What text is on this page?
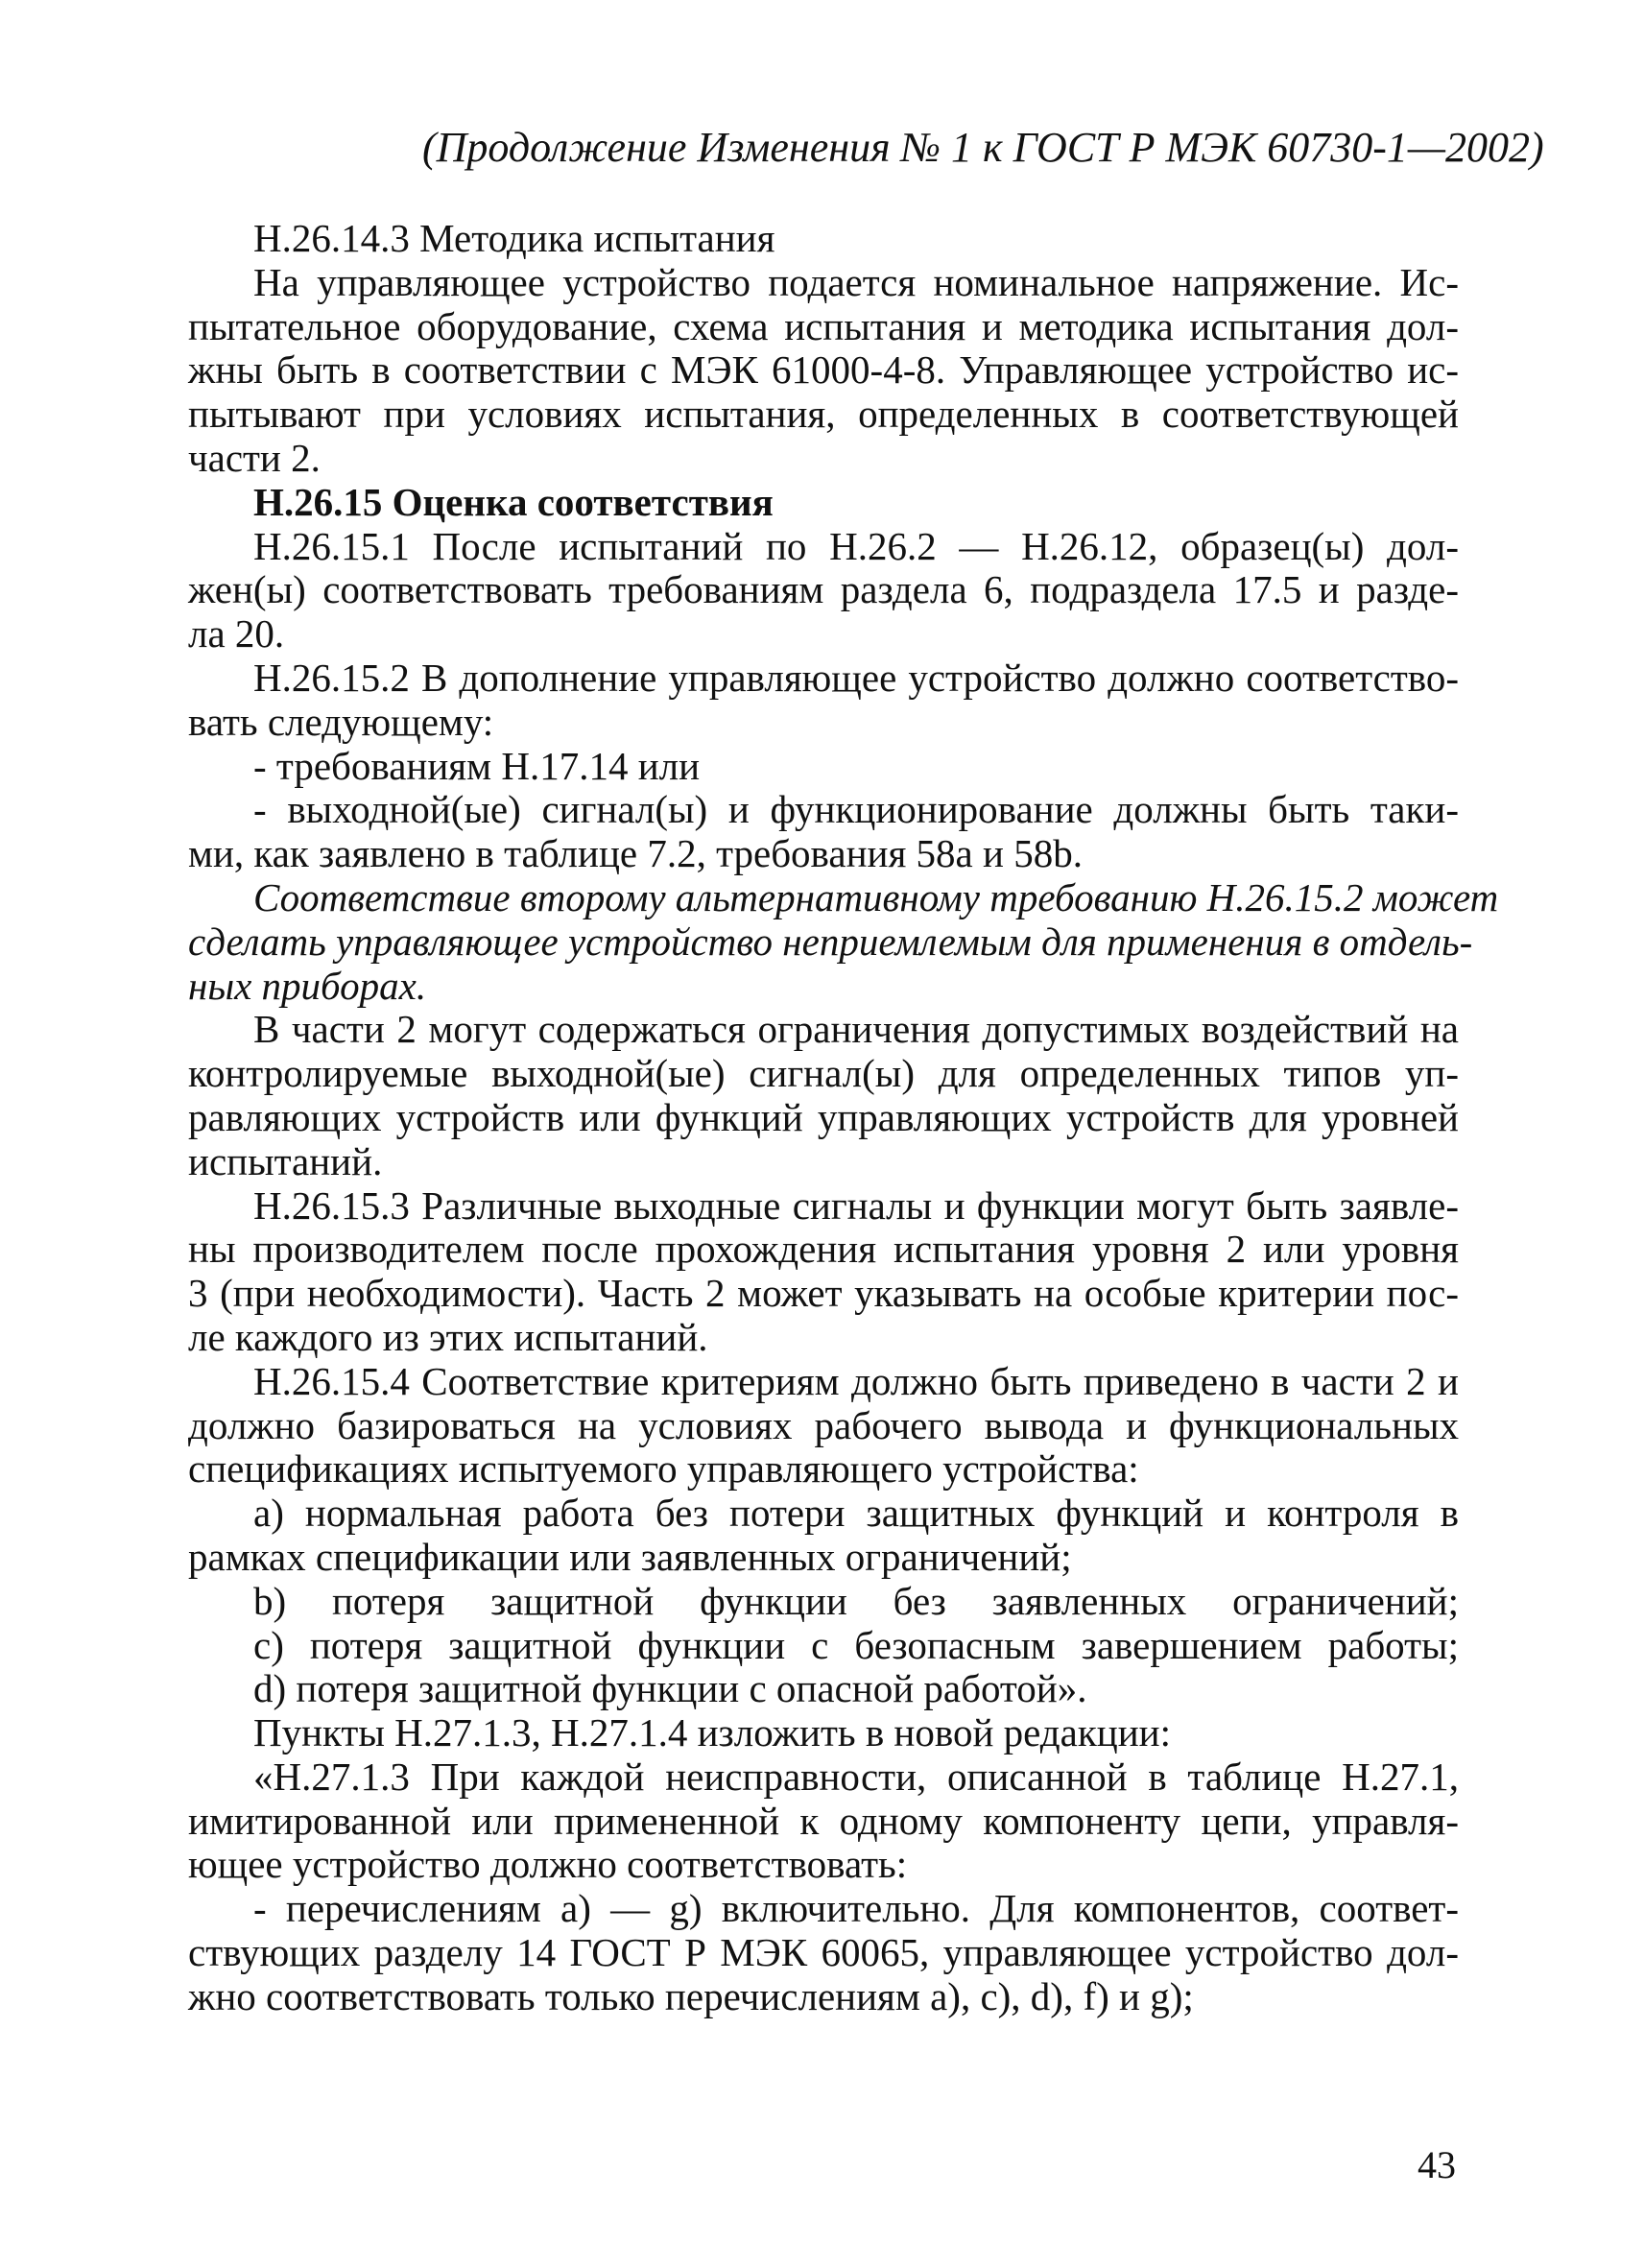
(Продолжение Изменения № 1 к ГОСТ Р МЭК 60730-1—2002)
Н.26.14.3 Методика испытания
На управляющее устройство подается номинальное напряжение. Ис-
пытательное оборудование, схема испытания и методика испытания дол-
жны быть в соответствии с МЭК 61000-4-8. Управляющее устройство ис-
пытывают при условиях испытания, определенных в соответствующей
части 2.
Н.26.15 Оценка соответствия
Н.26.15.1 После испытаний по Н.26.2 — Н.26.12, образец(ы) дол-
жен(ы) соответствовать требованиям раздела 6, подраздела 17.5 и разде-
ла 20.
Н.26.15.2 В дополнение управляющее устройство должно соответство-
вать следующему:
- требованиям Н.17.14 или
- выходной(ые) сигнал(ы) и функционирование должны быть таки-
ми, как заявлено в таблице 7.2, требования 58а и 58b.
Соответствие второму альтернативному требованию Н.26.15.2 может
сделать управляющее устройство неприемлемым для применения в отдель-
ных приборах.
В части 2 могут содержаться ограничения допустимых воздействий на
контролируемые выходной(ые) сигнал(ы) для определенных типов уп-
равляющих устройств или функций управляющих устройств для уровней
испытаний.
Н.26.15.3 Различные выходные сигналы и функции могут быть заявле-
ны производителем после прохождения испытания уровня 2 или уровня
3 (при необходимости). Часть 2 может указывать на особые критерии пос-
ле каждого из этих испытаний.
Н.26.15.4 Соответствие критериям должно быть приведено в части 2 и
должно базироваться на условиях рабочего вывода и функциональных
спецификациях испытуемого управляющего устройства:
а) нормальная работа без потери защитных функций и контроля в
рамках спецификации или заявленных ограничений;
b) потеря защитной функции без заявленных ограничений;
с) потеря защитной функции с безопасным завершением работы;
d) потеря защитной функции с опасной работой».
Пункты Н.27.1.3, Н.27.1.4 изложить в новой редакции:
«Н.27.1.3 При каждой неисправности, описанной в таблице Н.27.1,
имитированной или примененной к одному компоненту цепи, управля-
ющее устройство должно соответствовать:
- перечислениям а) — g) включительно. Для компонентов, соответ-
ствующих разделу 14 ГОСТ Р МЭК 60065, управляющее устройство дол-
жно соответствовать только перечислениям а), с), d), f) и g);
43
